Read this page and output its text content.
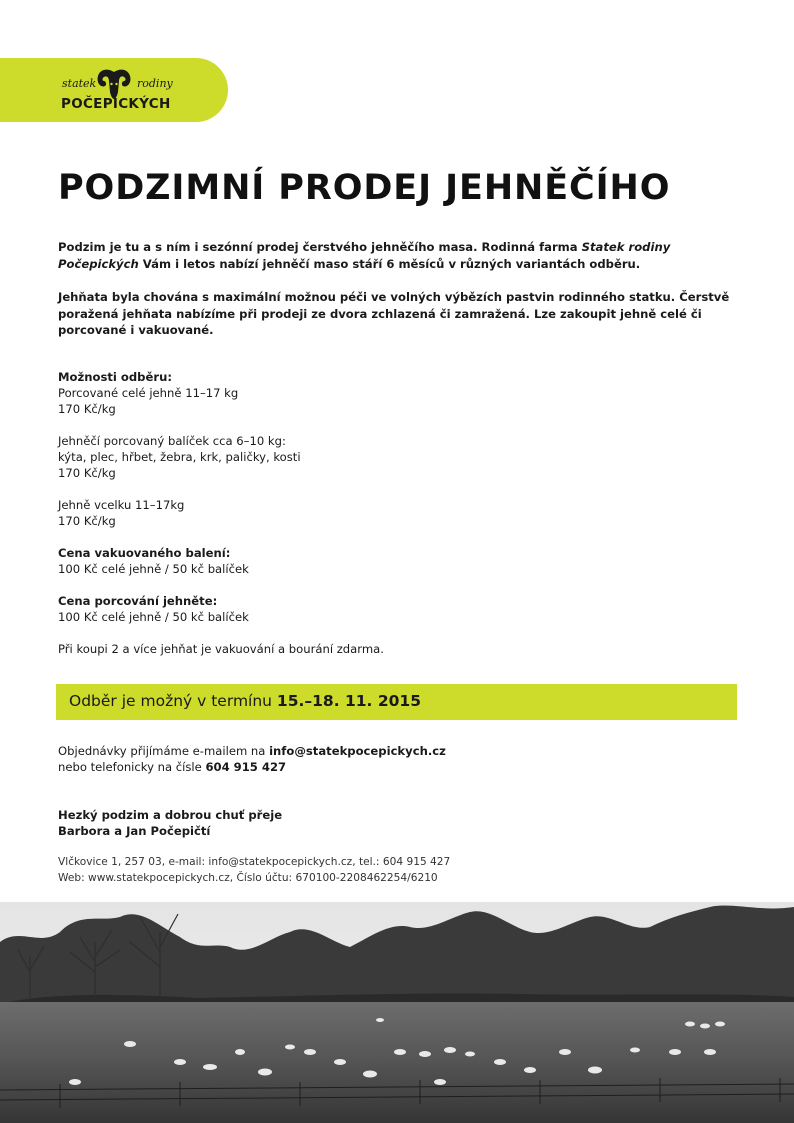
statek	rodiny
POČEPICKÝCH
PODZIMNÍ PRODEJ JEHNĚČÍHO
Podzim je tu a s ním i sezónní prodej čerstvého jehněčího masa. Rodinná farma Statek rodiny Počepických Vám i letos nabízí jehněčí maso stáří 6 měsíců v různých variantách odběru.
Jehňata byla chována s maximální možnou péči ve volných výbězích pastvin rodinného statku. Čerstvě poražená jehňata nabízíme při prodeji ze dvora zchlazená či zamražená. Lze zakoupit jehně celé či porcované i vakuované.
Možnosti odběru:
Porcované celé jehně 11–17 kg
170 Kč/kg
Jehněčí porcovaný balíček cca 6–10 kg:
kýta, plec, hřbet, žebra, krk, paličky, kosti
170 Kč/kg
Jehně vcelku 11–17kg
170 Kč/kg
Cena vakuovaného balení:
100 Kč celé jehně / 50 kč balíček
Cena porcování jehněte:
100 Kč celé jehně / 50 kč balíček
Při koupi 2 a více jehňat je vakuování a bourání zdarma.
Odběr je možný v termínu 15.–18. 11. 2015
Objednávky přijímáme e-mailem na info@statekpocepickych.cz
nebo telefonicky na čísle 604 915 427
Hezký podzim a dobrou chuť přeje
Barbora a Jan Počepičtí
Vlčkovice 1, 257 03, e-mail: info@statekpocepickych.cz, tel.: 604 915 427
Web: www.statekpocepickych.cz, Číslo účtu: 670100-2208462254/6210
